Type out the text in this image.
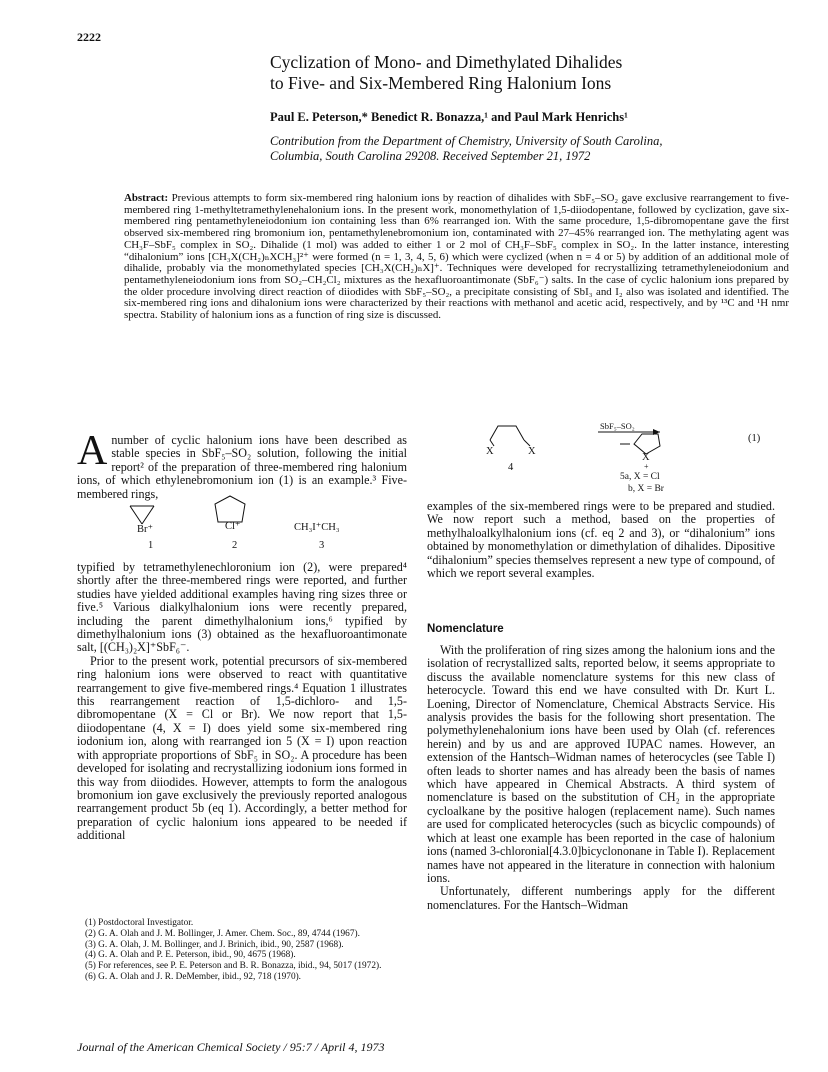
2222
Cyclization of Mono- and Dimethylated Dihalides
to Five- and Six-Membered Ring Halonium Ions
Paul E. Peterson,* Benedict R. Bonazza,¹ and Paul Mark Henrichs¹
Contribution from the Department of Chemistry, University of South Carolina,
Columbia, South Carolina 29208. Received September 21, 1972
Abstract: Previous attempts to form six-membered ring halonium ions by reaction of dihalides with SbF₅–SO₂ gave exclusive rearrangement to five-membered ring 1-methyltetramethylenehalonium ions. In the present work, monomethylation of 1,5-diiodopentane, followed by cyclization, gave six-membered ring pentamethyleneiodonium ion containing less than 6% rearranged ion. With the same procedure, 1,5-dibromopentane gave the first observed six-membered ring bromonium ion, pentamethylenebromonium ion, contaminated with 27–45% rearranged ion. The methylating agent was CH₃F–SbF₅ complex in SO₂. Dihalide (1 mol) was added to either 1 or 2 mol of CH₃F–SbF₅ complex in SO₂. In the latter instance, interesting “dihalonium” ions [CH₃X(CH₂)ₙXCH₃]²⁺ were formed (n = 1, 3, 4, 5, 6) which were cyclized (when n = 4 or 5) by addition of an additional mole of dihalide, probably via the monomethylated species [CH₃X(CH₂)ₙX]⁺. Techniques were developed for recrystallizing tetramethyleneiodonium and pentamethyleneiodonium ions from SO₂–CH₂Cl₂ mixtures as the hexafluoroantimonate (SbF₆⁻) salts. In the case of cyclic halonium ions prepared by the older procedure involving direct reaction of diiodides with SbF₅–SO₂, a precipitate consisting of SbI₃ and I₂ also was isolated and identified. The six-membered ring ions and dihalonium ions were characterized by their reactions with methanol and acetic acid, respectively, and by ¹³C and ¹H nmr spectra. Stability of halonium ions as a function of ring size is discussed.
A number of cyclic halonium ions have been described as stable species in SbF₅–SO₂ solution, following the initial report² of the preparation of three-membered ring halonium ions, of which ethylenebromonium ion (1) is an example.³ Five-membered rings,
Br⁺
1
Cl⁺
2
CH₃I⁺CH₃
3
typified by tetramethylenechloronium ion (2), were prepared⁴ shortly after the three-membered rings were reported, and further studies have yielded additional examples having ring sizes three or five.⁵ Various dialkylhalonium ions were recently prepared, including the parent dimethylhalonium ions,⁶ typified by dimethylhalonium ions (3) obtained as the hexafluoroantimonate salt, [(CH₃)₂X]⁺SbF₆⁻.
Prior to the present work, potential precursors of six-membered ring halonium ions were observed to react with quantitative rearrangement to give five-membered rings.⁴ Equation 1 illustrates this rearrangement reaction of 1,5-dichloro- and 1,5-dibromopentane (X = Cl or Br). We now report that 1,5-diiodopentane (4, X = I) does yield some six-membered ring iodonium ion, along with rearranged ion 5 (X = I) upon reaction with appropriate proportions of SbF₅ in SO₂. A procedure has been developed for isolating and recrystallizing iodonium ions formed in this way from diiodides. However, attempts to form the analogous bromonium ion gave exclusively the previously reported analogous rearrangement product 5b (eq 1). Accordingly, a better method for preparation of cyclic halonium ions appeared to be needed if additional
X	X
4
SbF₅–SO₂
X
+
5a, X = Cl
b, X = Br
(1)
examples of the six-membered rings were to be prepared and studied. We now report such a method, based on the properties of methylhaloalkylhalonium ions (cf. eq 2 and 3), or “dihalonium” ions obtained by monomethylation or dimethylation of dihalides. Dipositive “dihalonium” species themselves represent a new type of compound, of which we report several examples.
Nomenclature
With the proliferation of ring sizes among the halonium ions and the isolation of recrystallized salts, reported below, it seems appropriate to discuss the available nomenclature systems for this new class of heterocycle. Toward this end we have consulted with Dr. Kurt L. Loening, Director of Nomenclature, Chemical Abstracts Service. His analysis provides the basis for the following short presentation. The polymethylenehalonium ions have been used by Olah (cf. references herein) and by us and are approved IUPAC names. However, an extension of the Hantsch–Widman names of heterocycles (see Table I) often leads to shorter names and has already been the basis of names which have appeared in Chemical Abstracts. A third system of nomenclature is based on the substitution of CH₂ in the appropriate cycloalkane by the positive halogen (replacement name). Such names are used for complicated heterocycles (such as bicyclic compounds) of which at least one example has been reported in the case of halonium ions (named 3-chloronial[4.3.0]bicyclononane in Table I). Replacement names have not appeared in the literature in connection with halonium ions.
Unfortunately, different numberings apply for the different nomenclatures. For the Hantsch–Widman
(1) Postdoctoral Investigator.
(2) G. A. Olah and J. M. Bollinger, J. Amer. Chem. Soc., 89, 4744 (1967).
(3) G. A. Olah, J. M. Bollinger, and J. Brinich, ibid., 90, 2587 (1968).
(4) G. A. Olah and P. E. Peterson, ibid., 90, 4675 (1968).
(5) For references, see P. E. Peterson and B. R. Bonazza, ibid., 94, 5017 (1972).
(6) G. A. Olah and J. R. DeMember, ibid., 92, 718 (1970).
Journal of the American Chemical Society / 95:7 / April 4, 1973
